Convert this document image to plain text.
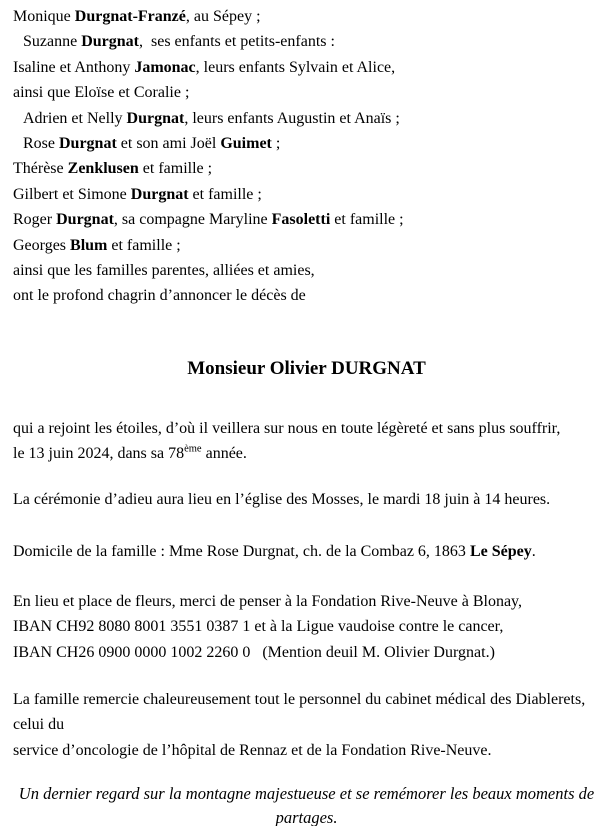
Monique Durgnat-Franzé, au Sépey ;
Suzanne Durgnat,  ses enfants et petits-enfants :
Isaline et Anthony Jamonac, leurs enfants Sylvain et Alice,
ainsi que Eloïse et Coralie ;
Adrien et Nelly Durgnat, leurs enfants Augustin et Anaïs ;
Rose Durgnat et son ami Joël Guimet ;
Thérèse Zenklusen et famille ;
Gilbert et Simone Durgnat et famille ;
Roger Durgnat, sa compagne Maryline Fasoletti et famille ;
Georges Blum et famille ;
ainsi que les familles parentes, alliées et amies,
ont le profond chagrin d’annoncer le décès de
Monsieur Olivier DURGNAT
qui a rejoint les étoiles, d’où il veillera sur nous en toute légèreté et sans plus souffrir,
le 13 juin 2024, dans sa 78ème année.
La cérémonie d’adieu aura lieu en l’église des Mosses, le mardi 18 juin à 14 heures.
Domicile de la famille : Mme Rose Durgnat, ch. de la Combaz 6, 1863 Le Sépey.
En lieu et place de fleurs, merci de penser à la Fondation Rive-Neuve à Blonay,
IBAN CH92 8080 8001 3551 0387 1 et à la Ligue vaudoise contre le cancer,
IBAN CH26 0900 0000 1002 2260 0   (Mention deuil M. Olivier Durgnat.)
La famille remercie chaleureusement tout le personnel du cabinet médical des Diablerets, celui du
service d’oncologie de l’hôpital de Rennaz et de la Fondation Rive-Neuve.
Un dernier regard sur la montagne majestueuse et se remémorer les beaux moments de partages.
